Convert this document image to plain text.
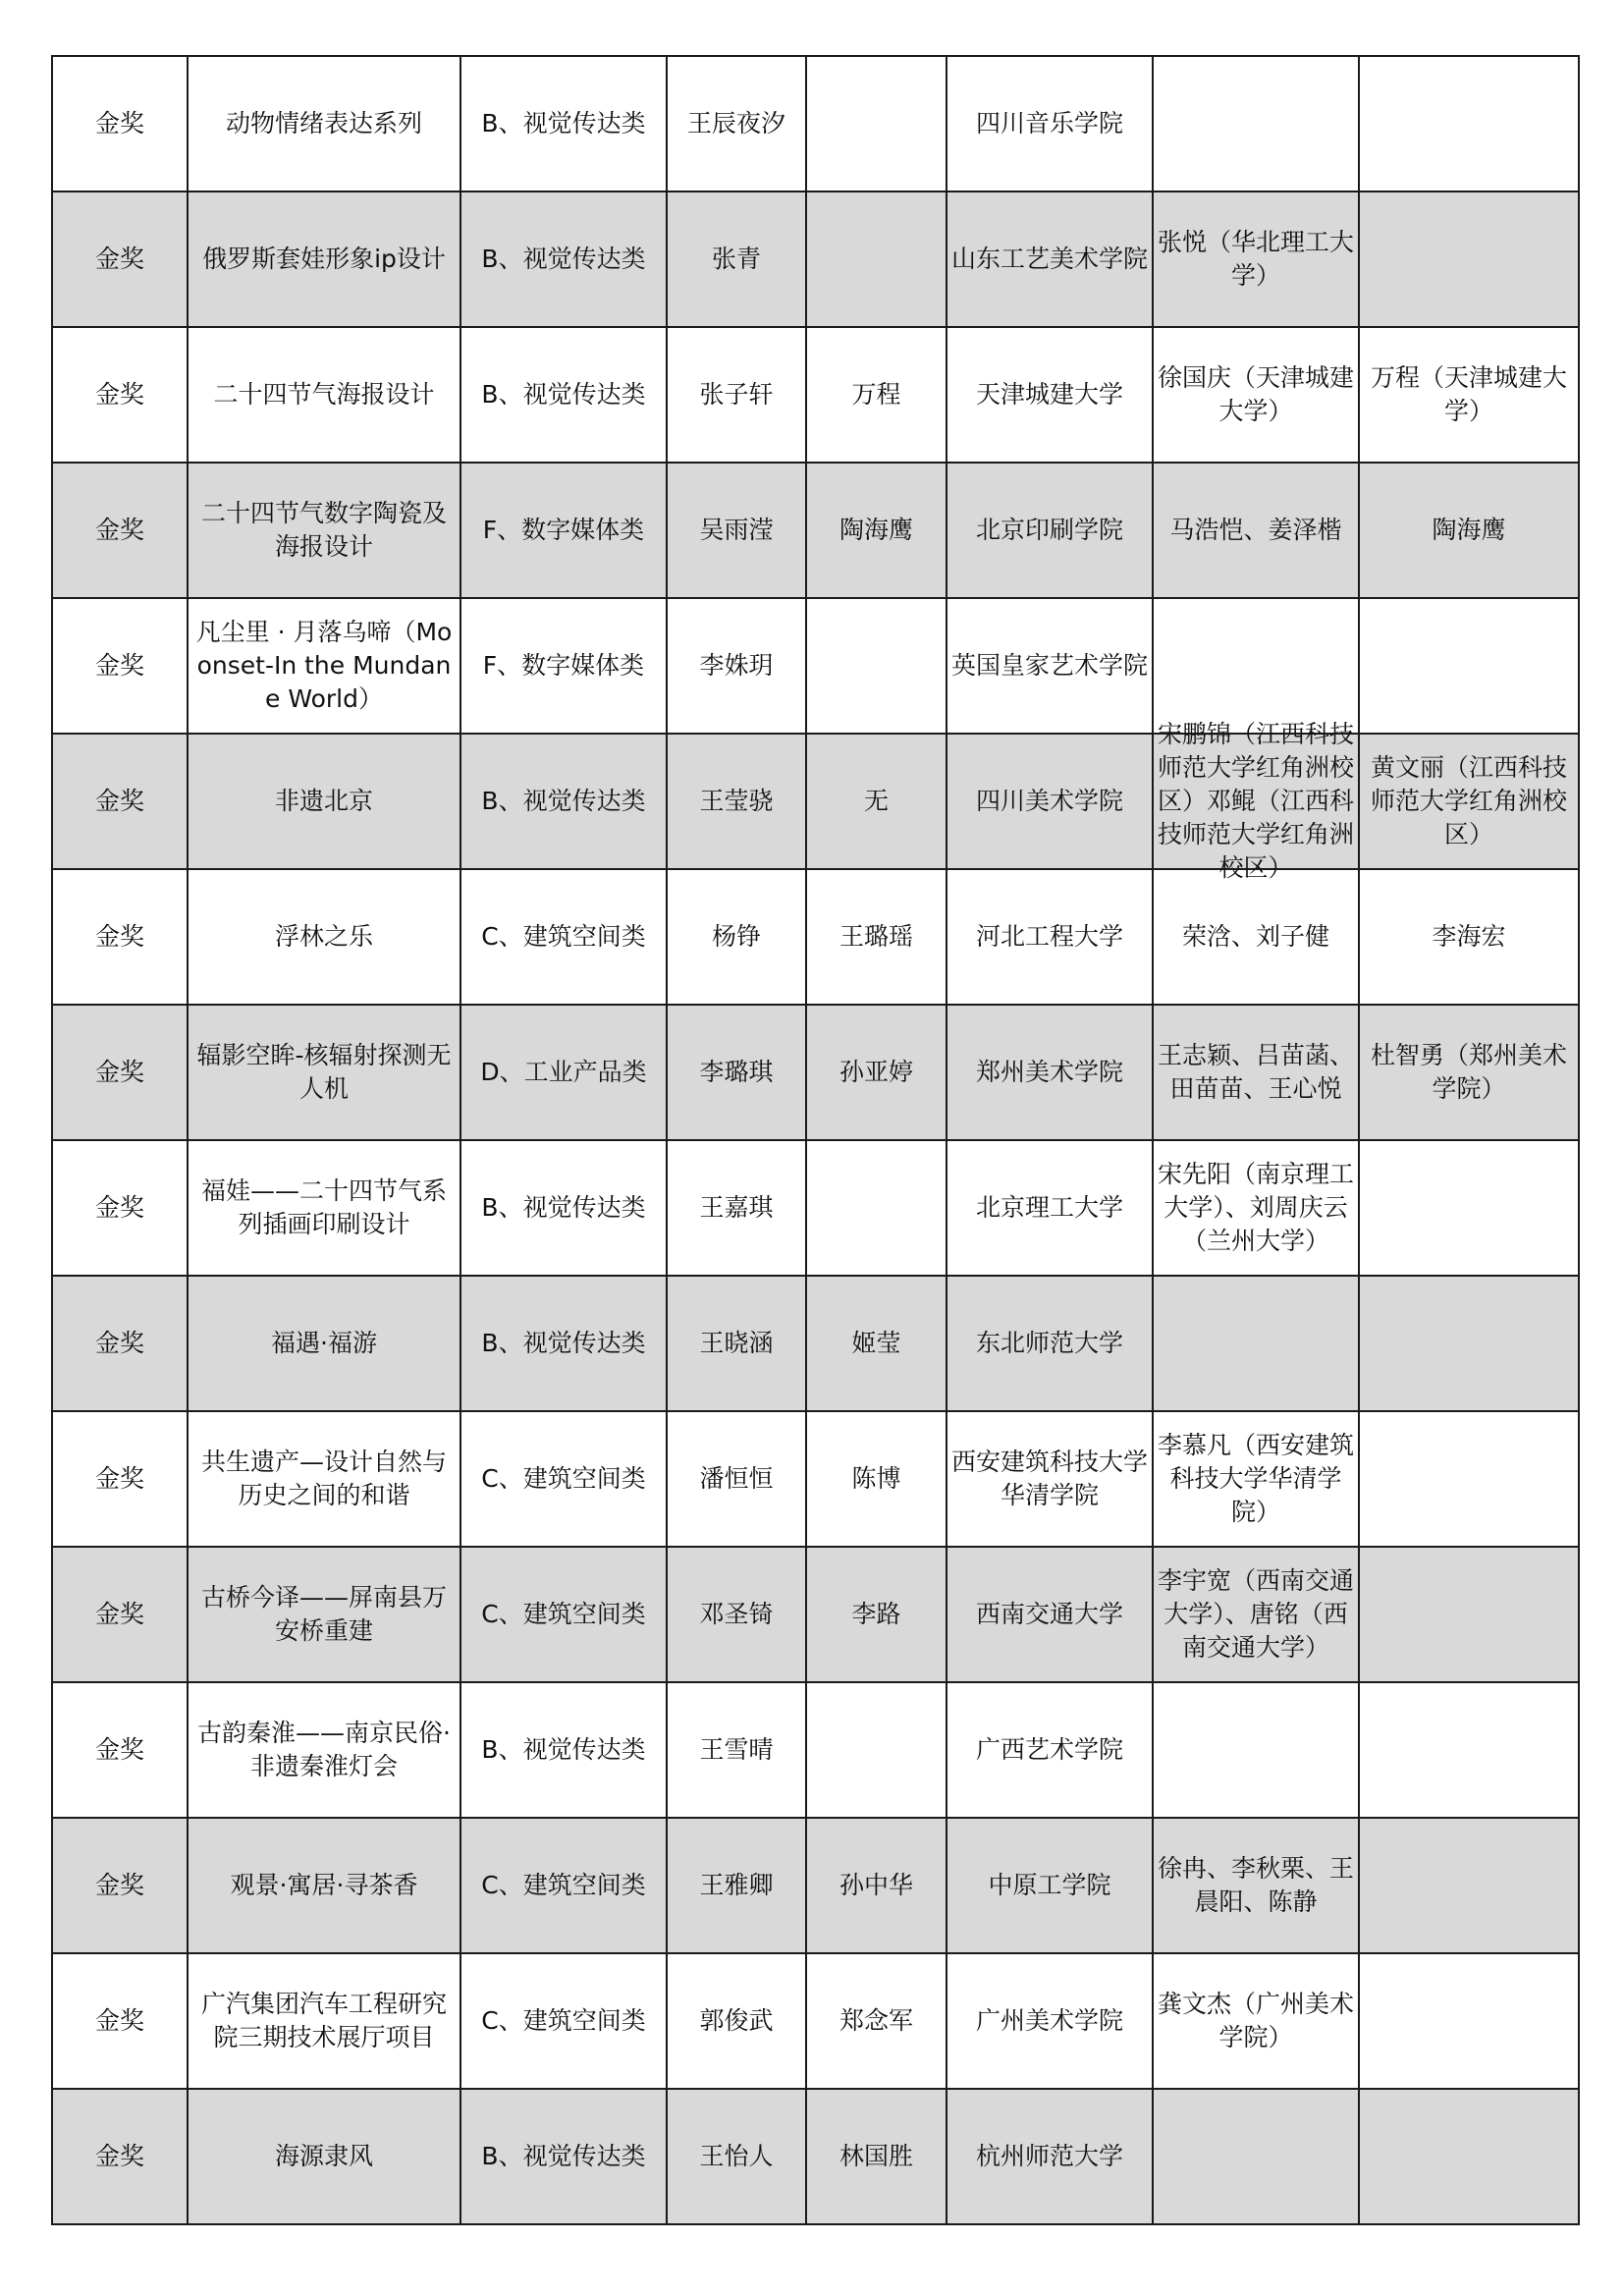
金奖	动物情绪表达系列	B、视觉传达类	王辰夜汐		四川音乐学院	

金奖	俄罗斯套娃形象ip设计	B、视觉传达类	张青		山东工艺美术学院	张悦（华北理工大学）	

金奖	二十四节气海报设计	B、视觉传达类	张子轩	万程	天津城建大学	徐国庆（天津城建大学）	万程（天津城建大学）

金奖	二十四节气数字陶瓷及海报设计	F、数字媒体类	吴雨滢	陶海鹰	北京印刷学院	马浩恺、姜泽楷	陶海鹰

金奖	凡尘里 · 月落乌啼（Moonset-In the Mundane World）	F、数字媒体类	李姝玥		英国皇家艺术学院	

金奖	非遗北京	B、视觉传达类	王莹骁	无	四川美术学院	宋鹏锦（江西科技师范大学红角洲校区）邓鲲（江西科技师范大学红角洲校区）	黄文丽（江西科技师范大学红角洲校区）

金奖	浮林之乐	C、建筑空间类	杨铮	王璐瑶	河北工程大学	荣浛、刘子健	李海宏

金奖	辐影空眸-核辐射探测无人机	D、工业产品类	李璐琪	孙亚婷	郑州美术学院	王志颖、吕苗菡、田苗苗、王心悦	杜智勇（郑州美术学院）

金奖	福娃——二十四节气系列插画印刷设计	B、视觉传达类	王嘉琪		北京理工大学	宋先阳（南京理工大学）、刘周庆云（兰州大学）	

金奖	福遇·福游	B、视觉传达类	王晓涵	姬莹	东北师范大学	

金奖	共生遗产—设计自然与历史之间的和谐	C、建筑空间类	潘恒恒	陈博	西安建筑科技大学华清学院	李慕凡（西安建筑科技大学华清学院）	

金奖	古桥今译——屏南县万安桥重建	C、建筑空间类	邓圣锜	李路	西南交通大学	李宇宽（西南交通大学）、唐铭（西南交通大学）	

金奖	古韵秦淮——南京民俗·非遗秦淮灯会	B、视觉传达类	王雪晴		广西艺术学院	

金奖	观景·寓居·寻茶香	C、建筑空间类	王雅卿	孙中华	中原工学院	徐冉、李秋栗、王晨阳、陈静	

金奖	广汽集团汽车工程研究院三期技术展厅项目	C、建筑空间类	郭俊武	郑念军	广州美术学院	龚文杰（广州美术学院）	

金奖	海源隶风	B、视觉传达类	王怡人	林国胜	杭州师范大学	
